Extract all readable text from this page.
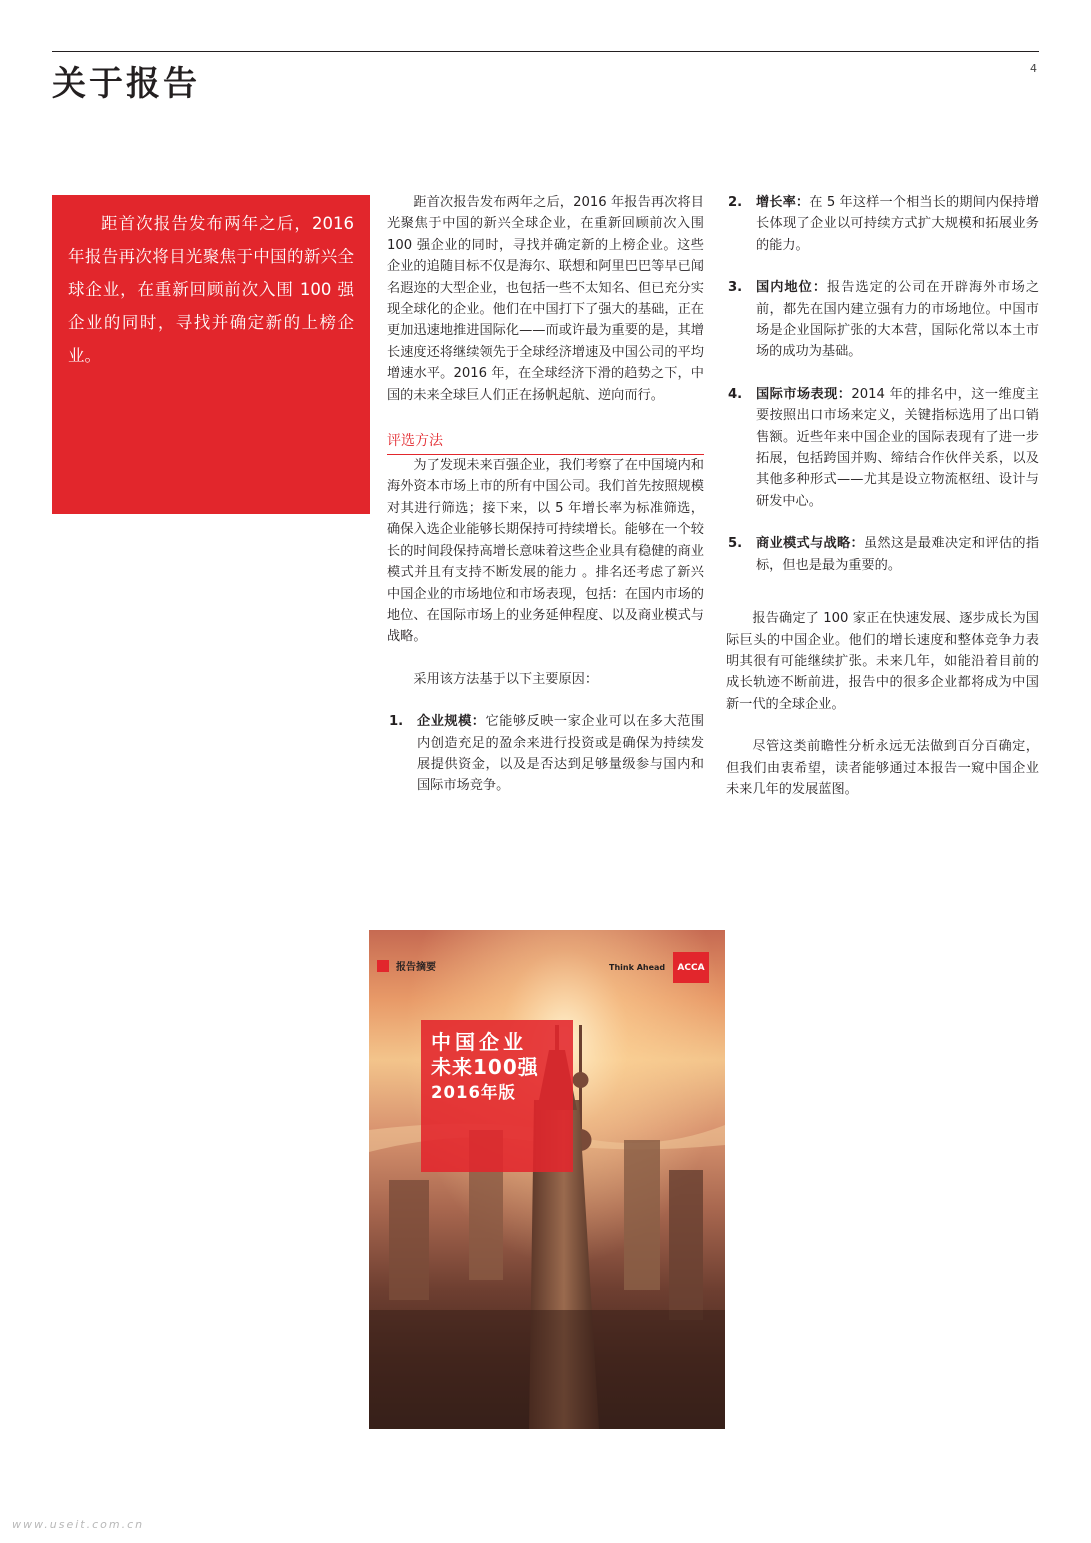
关于报告	4

距首次报告发布两年之后，2016 年报告再次将目光聚焦于中国的新兴全球企业，在重新回顾前次入围 100 强企业的同时，寻找并确定新的上榜企业。

距首次报告发布两年之后，2016 年报告再次将目光聚焦于中国的新兴全球企业，在重新回顾前次入围 100 强企业的同时，寻找并确定新的上榜企业。这些企业的追随目标不仅是海尔、联想和阿里巴巴等早已闻名遐迩的大型企业，也包括一些不太知名、但已充分实现全球化的企业。他们在中国打下了强大的基础，正在更加迅速地推进国际化——而或许最为重要的是，其增长速度还将继续领先于全球经济增速及中国公司的平均增速水平。2016 年，在全球经济下滑的趋势之下，中国的未来全球巨人们正在扬帆起航、逆向而行。

评选方法

为了发现未来百强企业，我们考察了在中国境内和海外资本市场上市的所有中国公司。我们首先按照规模对其进行筛选；接下来，以 5 年增长率为标准筛选，确保入选企业能够长期保持可持续增长。能够在一个较长的时间段保持高增长意味着这些企业具有稳健的商业模式并且有支持不断发展的能力 。排名还考虑了新兴中国企业的市场地位和市场表现，包括：在国内市场的地位、在国际市场上的业务延伸程度、以及商业模式与战略。

采用该方法基于以下主要原因：

1. 企业规模：它能够反映一家企业可以在多大范围内创造充足的盈余来进行投资或是确保为持续发展提供资金，以及是否达到足够量级参与国内和国际市场竞争。
2. 增长率：在 5 年这样一个相当长的期间内保持增长体现了企业以可持续方式扩大规模和拓展业务的能力。
3. 国内地位：报告选定的公司在开辟海外市场之前，都先在国内建立强有力的市场地位。中国市场是企业国际扩张的大本营，国际化常以本土市场的成功为基础。
4. 国际市场表现：2014 年的排名中，这一维度主要按照出口市场来定义，关键指标选用了出口销售额。近些年来中国企业的国际表现有了进一步拓展，包括跨国并购、缔结合作伙伴关系，以及其他多种形式——尤其是设立物流枢纽、设计与研发中心。
5. 商业模式与战略：虽然这是最难决定和评估的指标，但也是最为重要的。

报告确定了 100 家正在快速发展、逐步成长为国际巨头的中国企业。他们的增长速度和整体竞争力表明其很有可能继续扩张。未来几年，如能沿着目前的成长轨迹不断前进，报告中的很多企业都将成为中国新一代的全球企业。

尽管这类前瞻性分析永远无法做到百分百确定，但我们由衷希望，读者能够通过本报告一窥中国企业未来几年的发展蓝图。

报告摘要	Think Ahead	ACCA
中国企业
未来100强
2016年版
www.useit.com.cn
